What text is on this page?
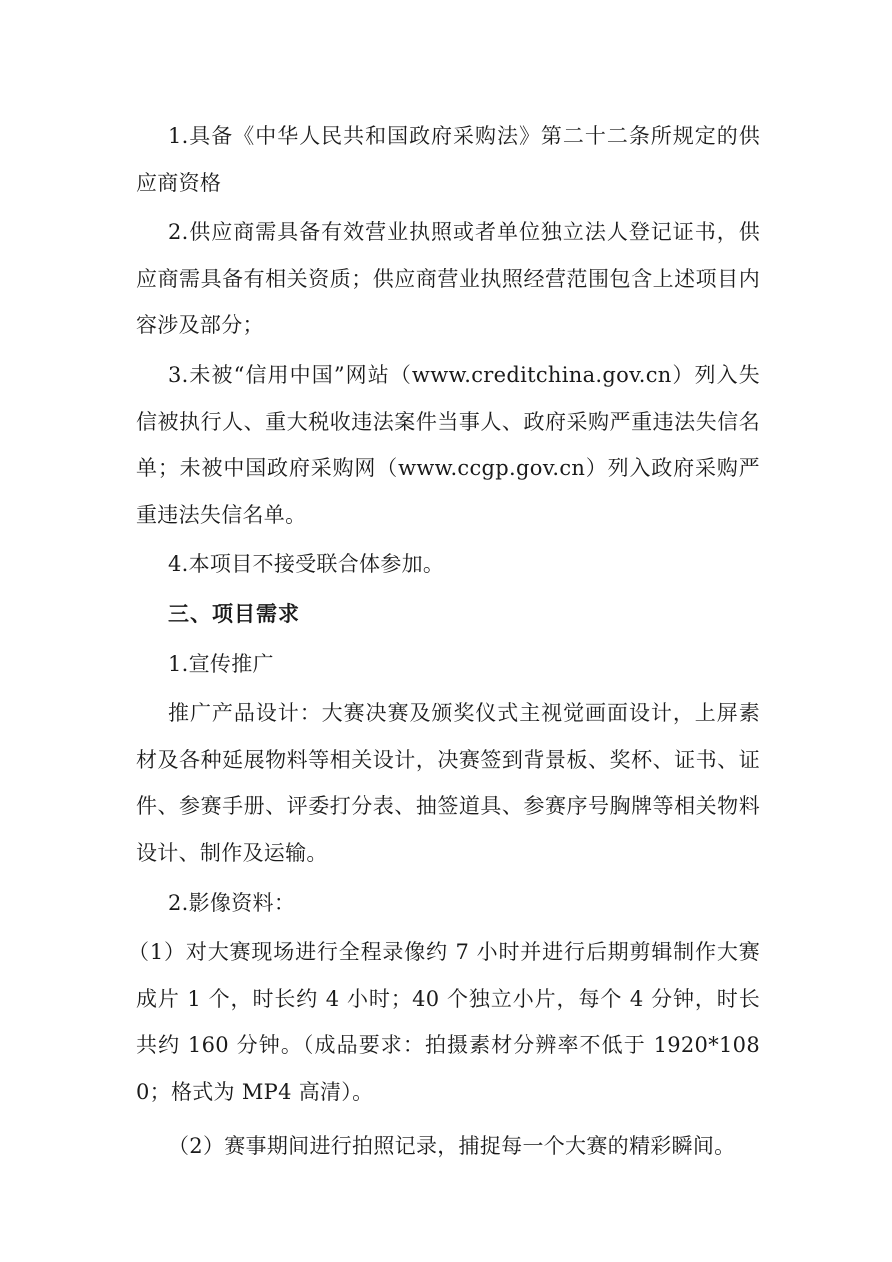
1.具备《中华人民共和国政府采购法》第二十二条所规定的供应商资格

2.供应商需具备有效营业执照或者单位独立法人登记证书，供应商需具备有相关资质；供应商营业执照经营范围包含上述项目内容涉及部分；

3.未被“信用中国”网站（www.creditchina.gov.cn）列入失信被执行人、重大税收违法案件当事人、政府采购严重违法失信名单；未被中国政府采购网（www.ccgp.gov.cn）列入政府采购严重违法失信名单。

4.本项目不接受联合体参加。

三、项目需求

1.宣传推广

推广产品设计：大赛决赛及颁奖仪式主视觉画面设计，上屏素材及各种延展物料等相关设计，决赛签到背景板、奖杯、证书、证件、参赛手册、评委打分表、抽签道具、参赛序号胸牌等相关物料设计、制作及运输。

2.影像资料：

（1）对大赛现场进行全程录像约 7 小时并进行后期剪辑制作大赛成片 1 个，时长约 4 小时；40 个独立小片，每个 4 分钟，时长共约 160 分钟。（成品要求：拍摄素材分辨率不低于 1920*1080；格式为 MP4 高清）。

（2）赛事期间进行拍照记录，捕捉每一个大赛的精彩瞬间。
